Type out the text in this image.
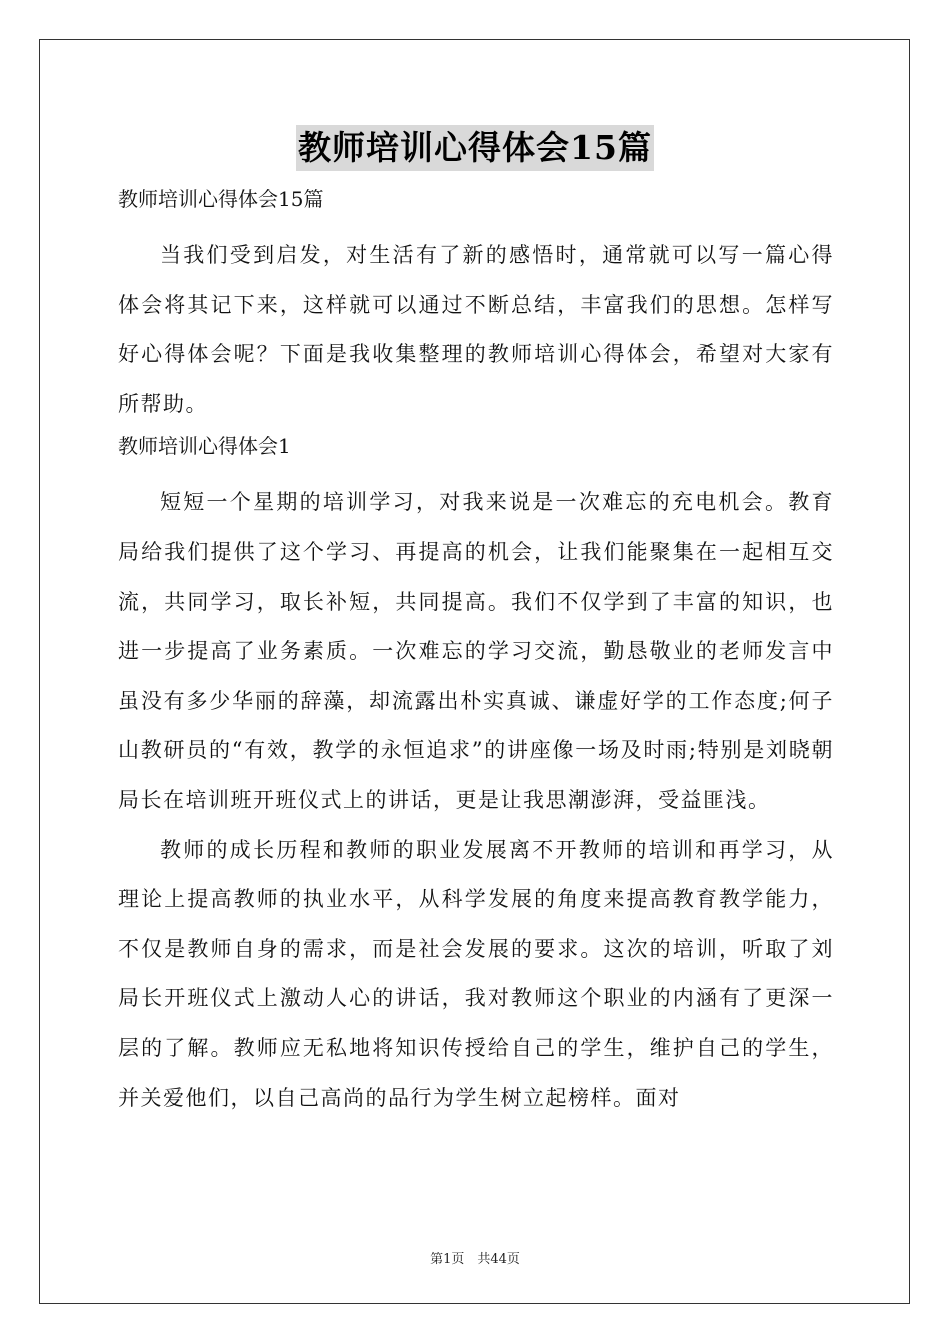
教师培训心得体会15篇

教师培训心得体会15篇

当我们受到启发，对生活有了新的感悟时，通常就可以写一篇心得体会将其记下来，这样就可以通过不断总结，丰富我们的思想。怎样写好心得体会呢？下面是我收集整理的教师培训心得体会，希望对大家有所帮助。

教师培训心得体会1

短短一个星期的培训学习，对我来说是一次难忘的充电机会。教育局给我们提供了这个学习、再提高的机会，让我们能聚集在一起相互交流，共同学习，取长补短，共同提高。我们不仅学到了丰富的知识，也进一步提高了业务素质。一次难忘的学习交流，勤恳敬业的老师发言中虽没有多少华丽的辞藻，却流露出朴实真诚、谦虚好学的工作态度;何子山教研员的“有效，教学的永恒追求”的讲座像一场及时雨;特别是刘晓朝局长在培训班开班仪式上的讲话，更是让我思潮澎湃，受益匪浅。

教师的成长历程和教师的职业发展离不开教师的培训和再学习，从理论上提高教师的执业水平，从科学发展的角度来提高教育教学能力，不仅是教师自身的需求，而是社会发展的要求。这次的培训，听取了刘局长开班仪式上激动人心的讲话，我对教师这个职业的内涵有了更深一层的了解。教师应无私地将知识传授给自己的学生，维护自己的学生，并关爱他们，以自己高尚的品行为学生树立起榜样。面对

第1页　共44页
